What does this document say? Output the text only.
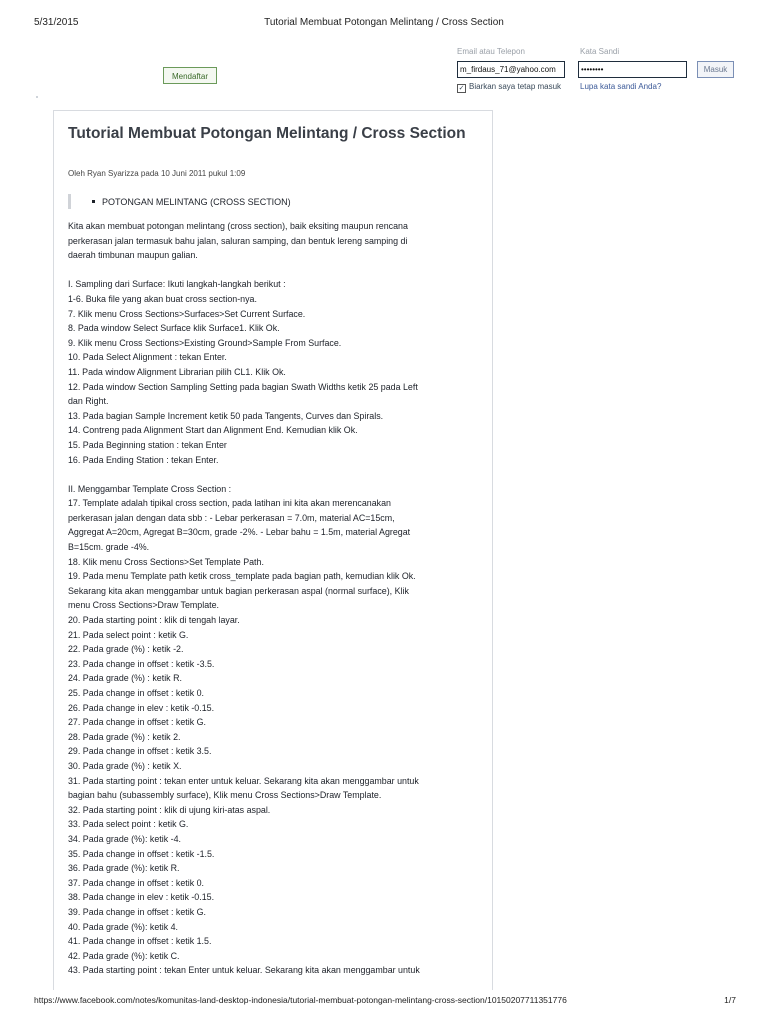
5/31/2015	Tutorial Membuat Potongan Melintang / Cross Section
Mendaftar
Email atau Telepon	Kata Sandi
m_firdaus_71@yahoo.com	••••••••	Masuk
✓ Biarkan saya tetap masuk Lupa kata sandi Anda?
Tutorial Membuat Potongan Melintang / Cross Section
Oleh Ryan Syarizza pada 10 Juni 2011 pukul 1:09
POTONGAN MELINTANG (CROSS SECTION)

Kita akan membuat potongan melintang (cross section), baik eksiting maupun rencana

perkerasan jalan termasuk bahu jalan, saluran samping, dan bentuk lereng samping di

daerah timbunan maupun galian.

I. Sampling dari Surface: Ikuti langkah-langkah berikut :

1-6. Buka file yang akan buat cross section-nya.

7. Klik menu Cross Sections>Surfaces>Set Current Surface.

8. Pada window Select Surface klik Surface1. Klik Ok.

9. Klik menu Cross Sections>Existing Ground>Sample From Surface.

10. Pada Select Alignment : tekan Enter.

11. Pada window Alignment Librarian pilih CL1. Klik Ok.

12. Pada window Section Sampling Setting pada bagian Swath Widths ketik 25 pada Left

dan Right.

13. Pada bagian Sample Increment ketik 50 pada Tangents, Curves dan Spirals.

14. Contreng pada Alignment Start dan Alignment End. Kemudian klik Ok.

15. Pada Beginning station : tekan Enter

16. Pada Ending Station : tekan Enter.

II. Menggambar Template Cross Section :

17. Template adalah tipikal cross section, pada latihan ini kita akan merencanakan

perkerasan jalan dengan data sbb : - Lebar perkerasan = 7.0m, material AC=15cm,

Aggregat A=20cm, Agregat B=30cm, grade -2%. - Lebar bahu = 1.5m, material Agregat

B=15cm. grade -4%.

18. Klik menu Cross Sections>Set Template Path.

19. Pada menu Template path ketik cross_template pada bagian path, kemudian klik Ok.

Sekarang kita akan menggambar untuk bagian perkerasan aspal (normal surface), Klik

menu Cross Sections>Draw Template.

20. Pada starting point : klik di tengah layar.

21. Pada select point : ketik G.

22. Pada grade (%) : ketik -2.

23. Pada change in offset : ketik -3.5.

24. Pada grade (%) : ketik R.

25. Pada change in offset : ketik 0.

26. Pada change in elev : ketik -0.15.

27. Pada change in offset : ketik G.

28. Pada grade (%) : ketik 2.

29. Pada change in offset : ketik 3.5.

30. Pada grade (%) : ketik X.

31. Pada starting point : tekan enter untuk keluar. Sekarang kita akan menggambar untuk

bagian bahu (subassembly surface), Klik menu Cross Sections>Draw Template.

32. Pada starting point : klik di ujung kiri-atas aspal.

33. Pada select point : ketik G.

34. Pada grade (%): ketik -4.

35. Pada change in offset : ketik -1.5.

36. Pada grade (%): ketik R.

37. Pada change in offset : ketik 0.

38. Pada change in elev : ketik -0.15.

39. Pada change in offset : ketik G.

40. Pada grade (%): ketik 4.

41. Pada change in offset : ketik 1.5.

42. Pada grade (%): ketik C.

43. Pada starting point : tekan Enter untuk keluar. Sekarang kita akan menggambar untuk

https://www.facebook.com/notes/komunitas-land-desktop-indonesia/tutorial-membuat-potongan-melintang-cross-section/10150207711351776	1/7
